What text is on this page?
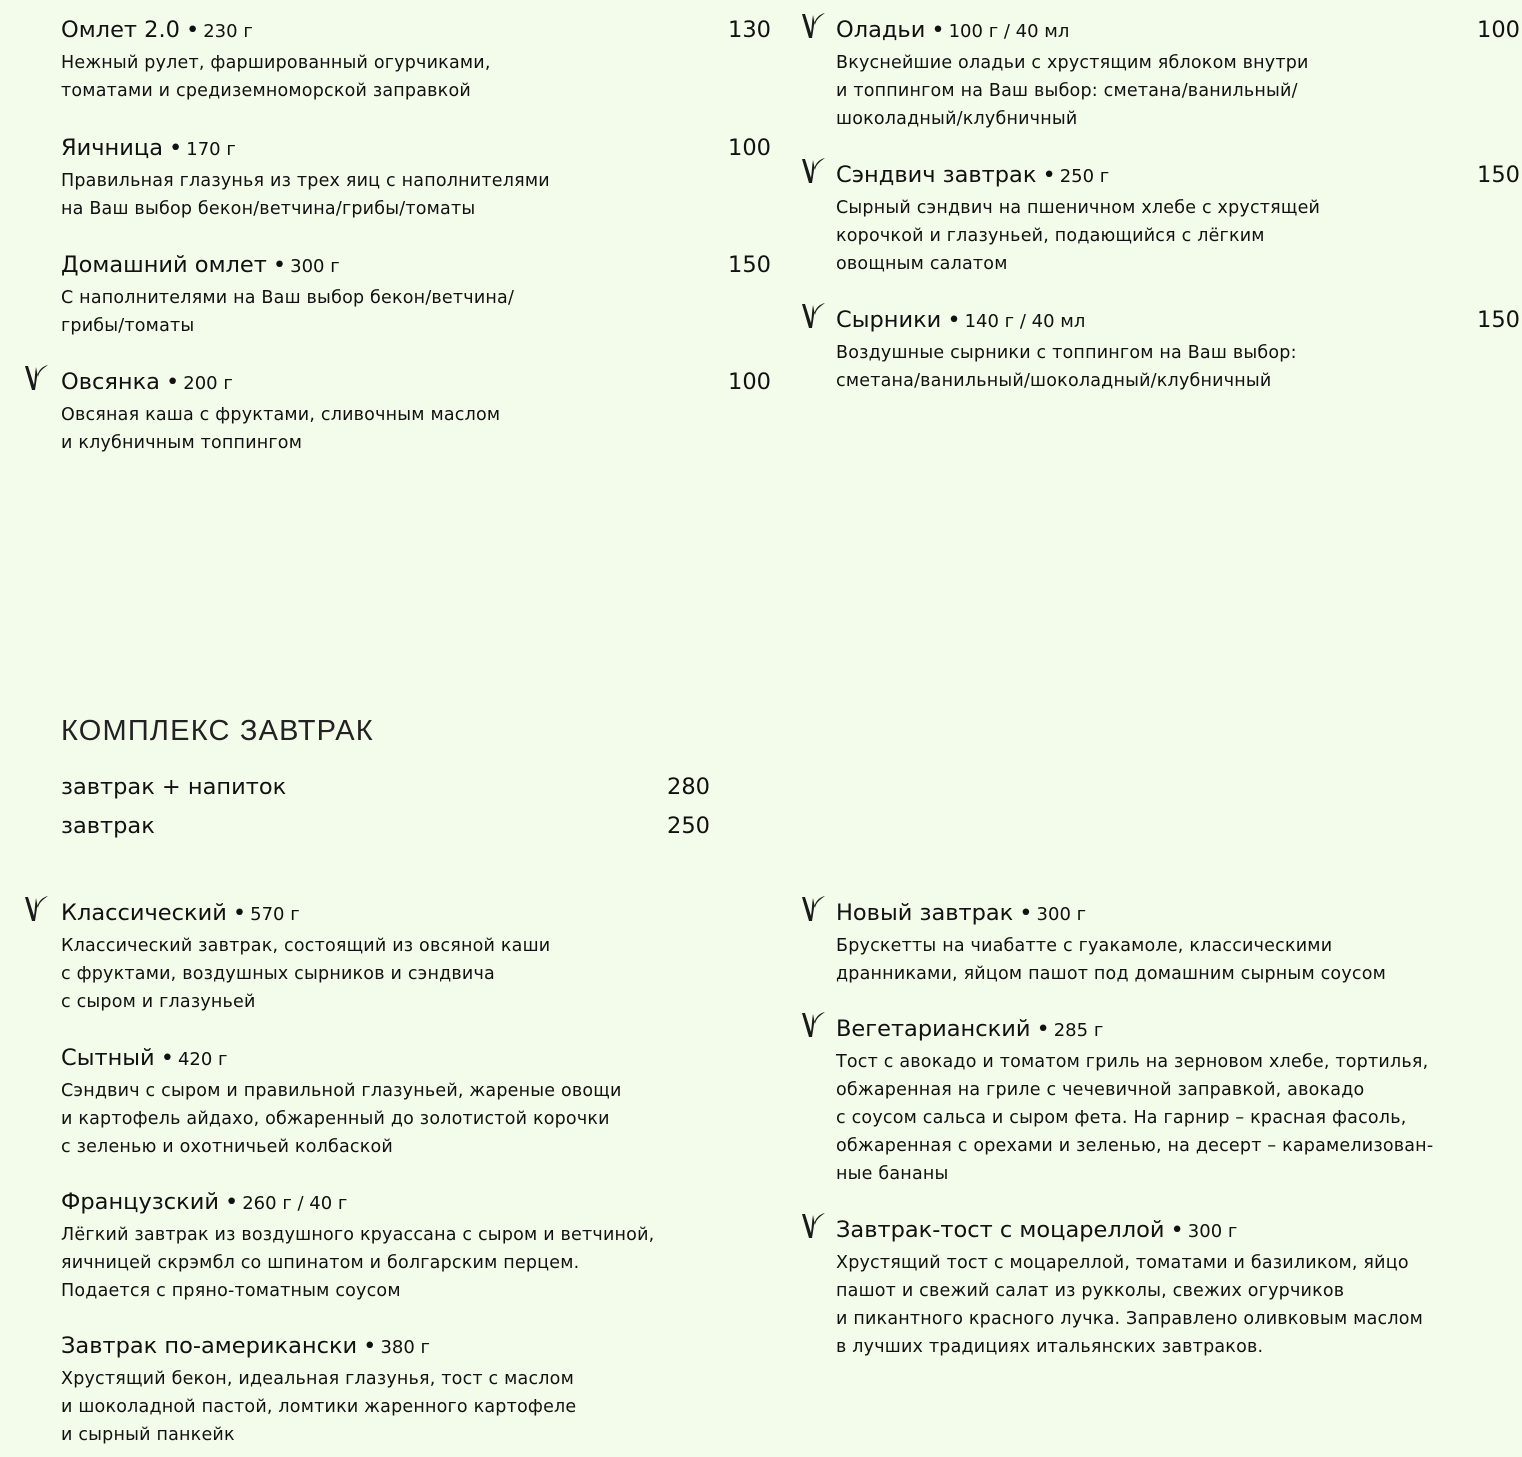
Омлет 2.0 • 230 г	130
Нежный рулет, фаршированный огурчиками,
томатами и средиземноморской заправкой
Яичница • 170 г	100
Правильная глазунья из трех яиц с наполнителями
на Ваш выбор бекон/ветчина/грибы/томаты
Домашний омлет • 300 г	150
С наполнителями на Ваш выбор бекон/ветчина/
грибы/томаты
Овсянка • 200 г	100
Овсяная каша с фруктами, сливочным маслом
и клубничным топпингом
Оладьи • 100 г / 40 мл	100
Вкуснейшие оладьи с хрустящим яблоком внутри
и топпингом на Ваш выбор: сметана/ванильный/
шоколадный/клубничный
Сэндвич завтрак • 250 г	150
Сырный сэндвич на пшеничном хлебе с хрустящей
корочкой и глазуньей, подающийся с лёгким
овощным салатом
Сырники • 140 г / 40 мл	150
Воздушные сырники с топпингом на Ваш выбор:
сметана/ванильный/шоколадный/клубничный
КОМПЛЕКС ЗАВТРАК
завтрак + напиток	280
завтрак	250
Классический • 570 г
Классический завтрак, состоящий из овсяной каши
с фруктами, воздушных сырников и сэндвича
с сыром и глазуньей
Сытный • 420 г
Сэндвич с сыром и правильной глазуньей, жареные овощи
и картофель айдахо, обжаренный до золотистой корочки
с зеленью и охотничьей колбаской
Французский • 260 г / 40 г
Лёгкий завтрак из воздушного круассана с сыром и ветчиной,
яичницей скрэмбл со шпинатом и болгарским перцем.
Подается с пряно-томатным соусом
Завтрак по-американски • 380 г
Хрустящий бекон, идеальная глазунья, тост с маслом
и шоколадной пастой, ломтики жаренного картофеле
и сырный панкейк
Новый завтрак • 300 г
Брускетты на чиабатте с гуакамоле, классическими
дранниками, яйцом пашот под домашним сырным соусом
Вегетарианский • 285 г
Тост с авокадо и томатом гриль на зерновом хлебе, тортилья,
обжаренная на гриле с чечевичной заправкой, авокадо
с соусом сальса и сыром фета. На гарнир – красная фасоль,
обжаренная с орехами и зеленью, на десерт – карамелизован-
ные бананы
Завтрак-тост с моцареллой • 300 г
Хрустящий тост с моцареллой, томатами и базиликом, яйцо
пашот и свежий салат из рукколы, свежих огурчиков
и пикантного красного лучка. Заправлено оливковым маслом
в лучших традициях итальянских завтраков.
